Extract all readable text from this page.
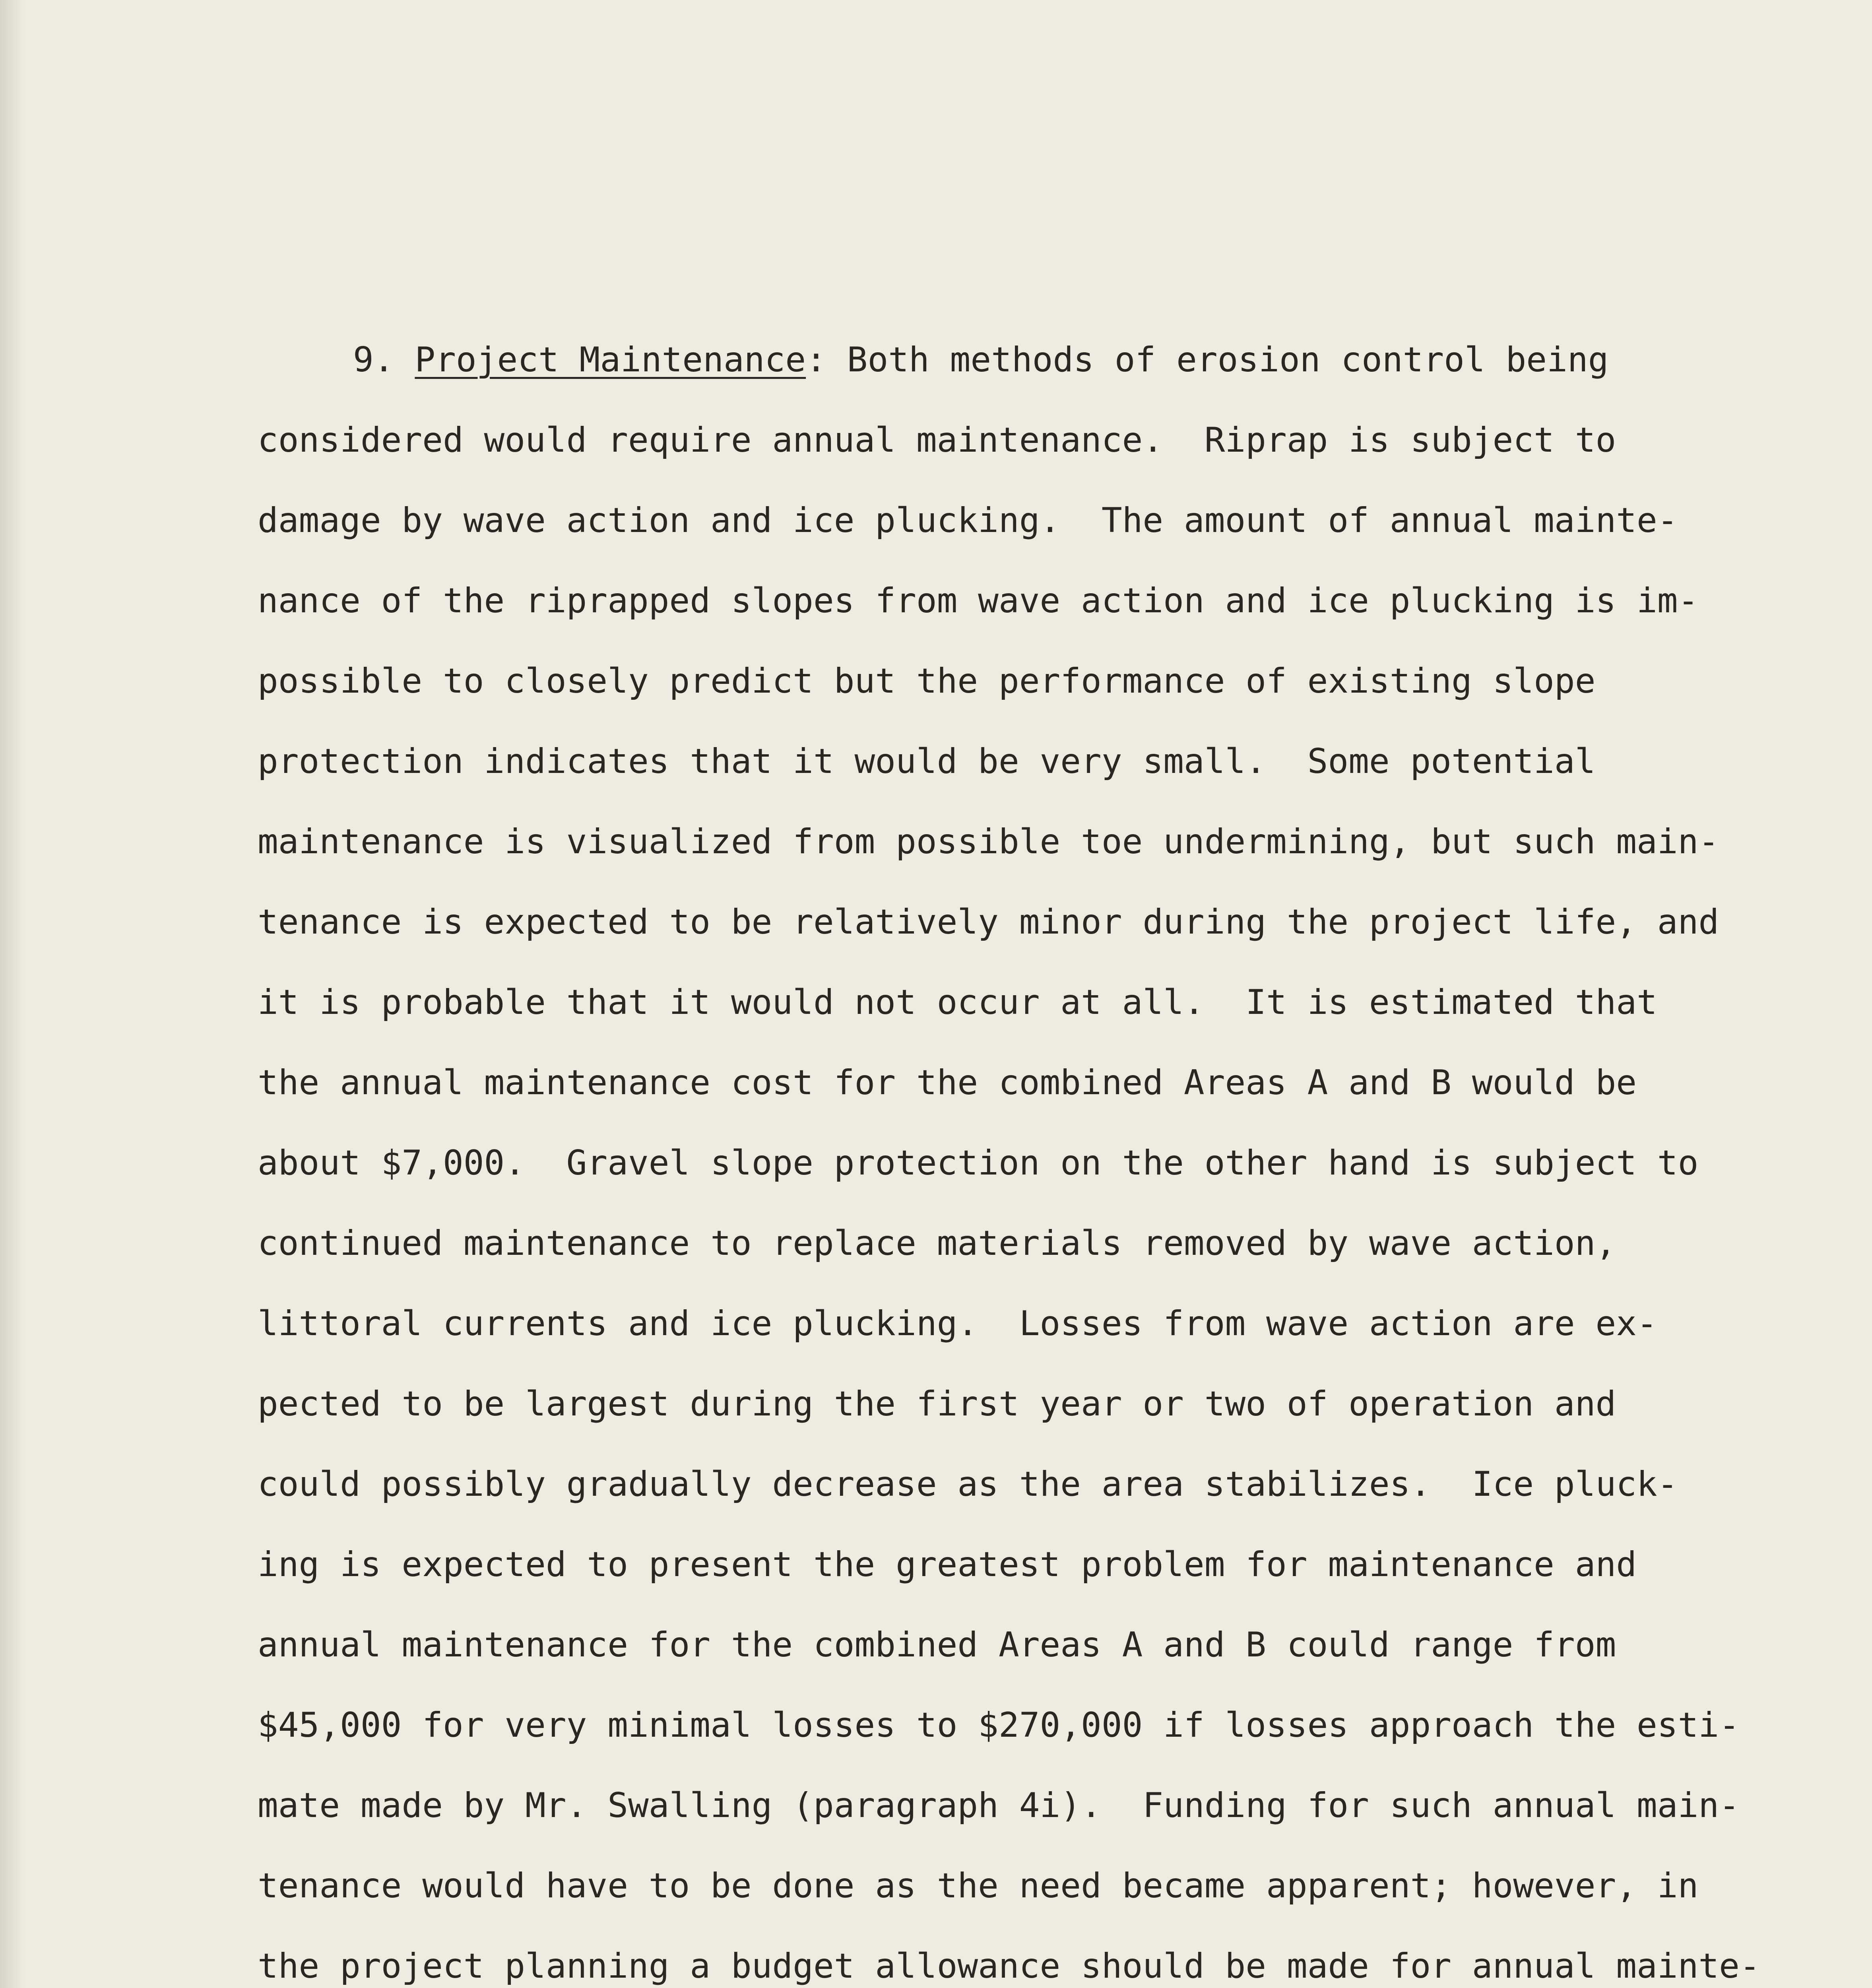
9. Project Maintenance: Both methods of erosion control being
considered would require annual maintenance.  Riprap is subject to
damage by wave action and ice plucking.  The amount of annual mainte-
nance of the riprapped slopes from wave action and ice plucking is im-
possible to closely predict but the performance of existing slope
protection indicates that it would be very small.  Some potential
maintenance is visualized from possible toe undermining, but such main-
tenance is expected to be relatively minor during the project life, and
it is probable that it would not occur at all.  It is estimated that
the annual maintenance cost for the combined Areas A and B would be
about $7,000.  Gravel slope protection on the other hand is subject to
continued maintenance to replace materials removed by wave action,
littoral currents and ice plucking.  Losses from wave action are ex-
pected to be largest during the first year or two of operation and
could possibly gradually decrease as the area stabilizes.  Ice pluck-
ing is expected to present the greatest problem for maintenance and
annual maintenance for the combined Areas A and B could range from
$45,000 for very minimal losses to $270,000 if losses approach the esti-
mate made by Mr. Swalling (paragraph 4i).  Funding for such annual main-
tenance would have to be done as the need became apparent; however, in
the project planning a budget allowance should be made for annual mainte-
